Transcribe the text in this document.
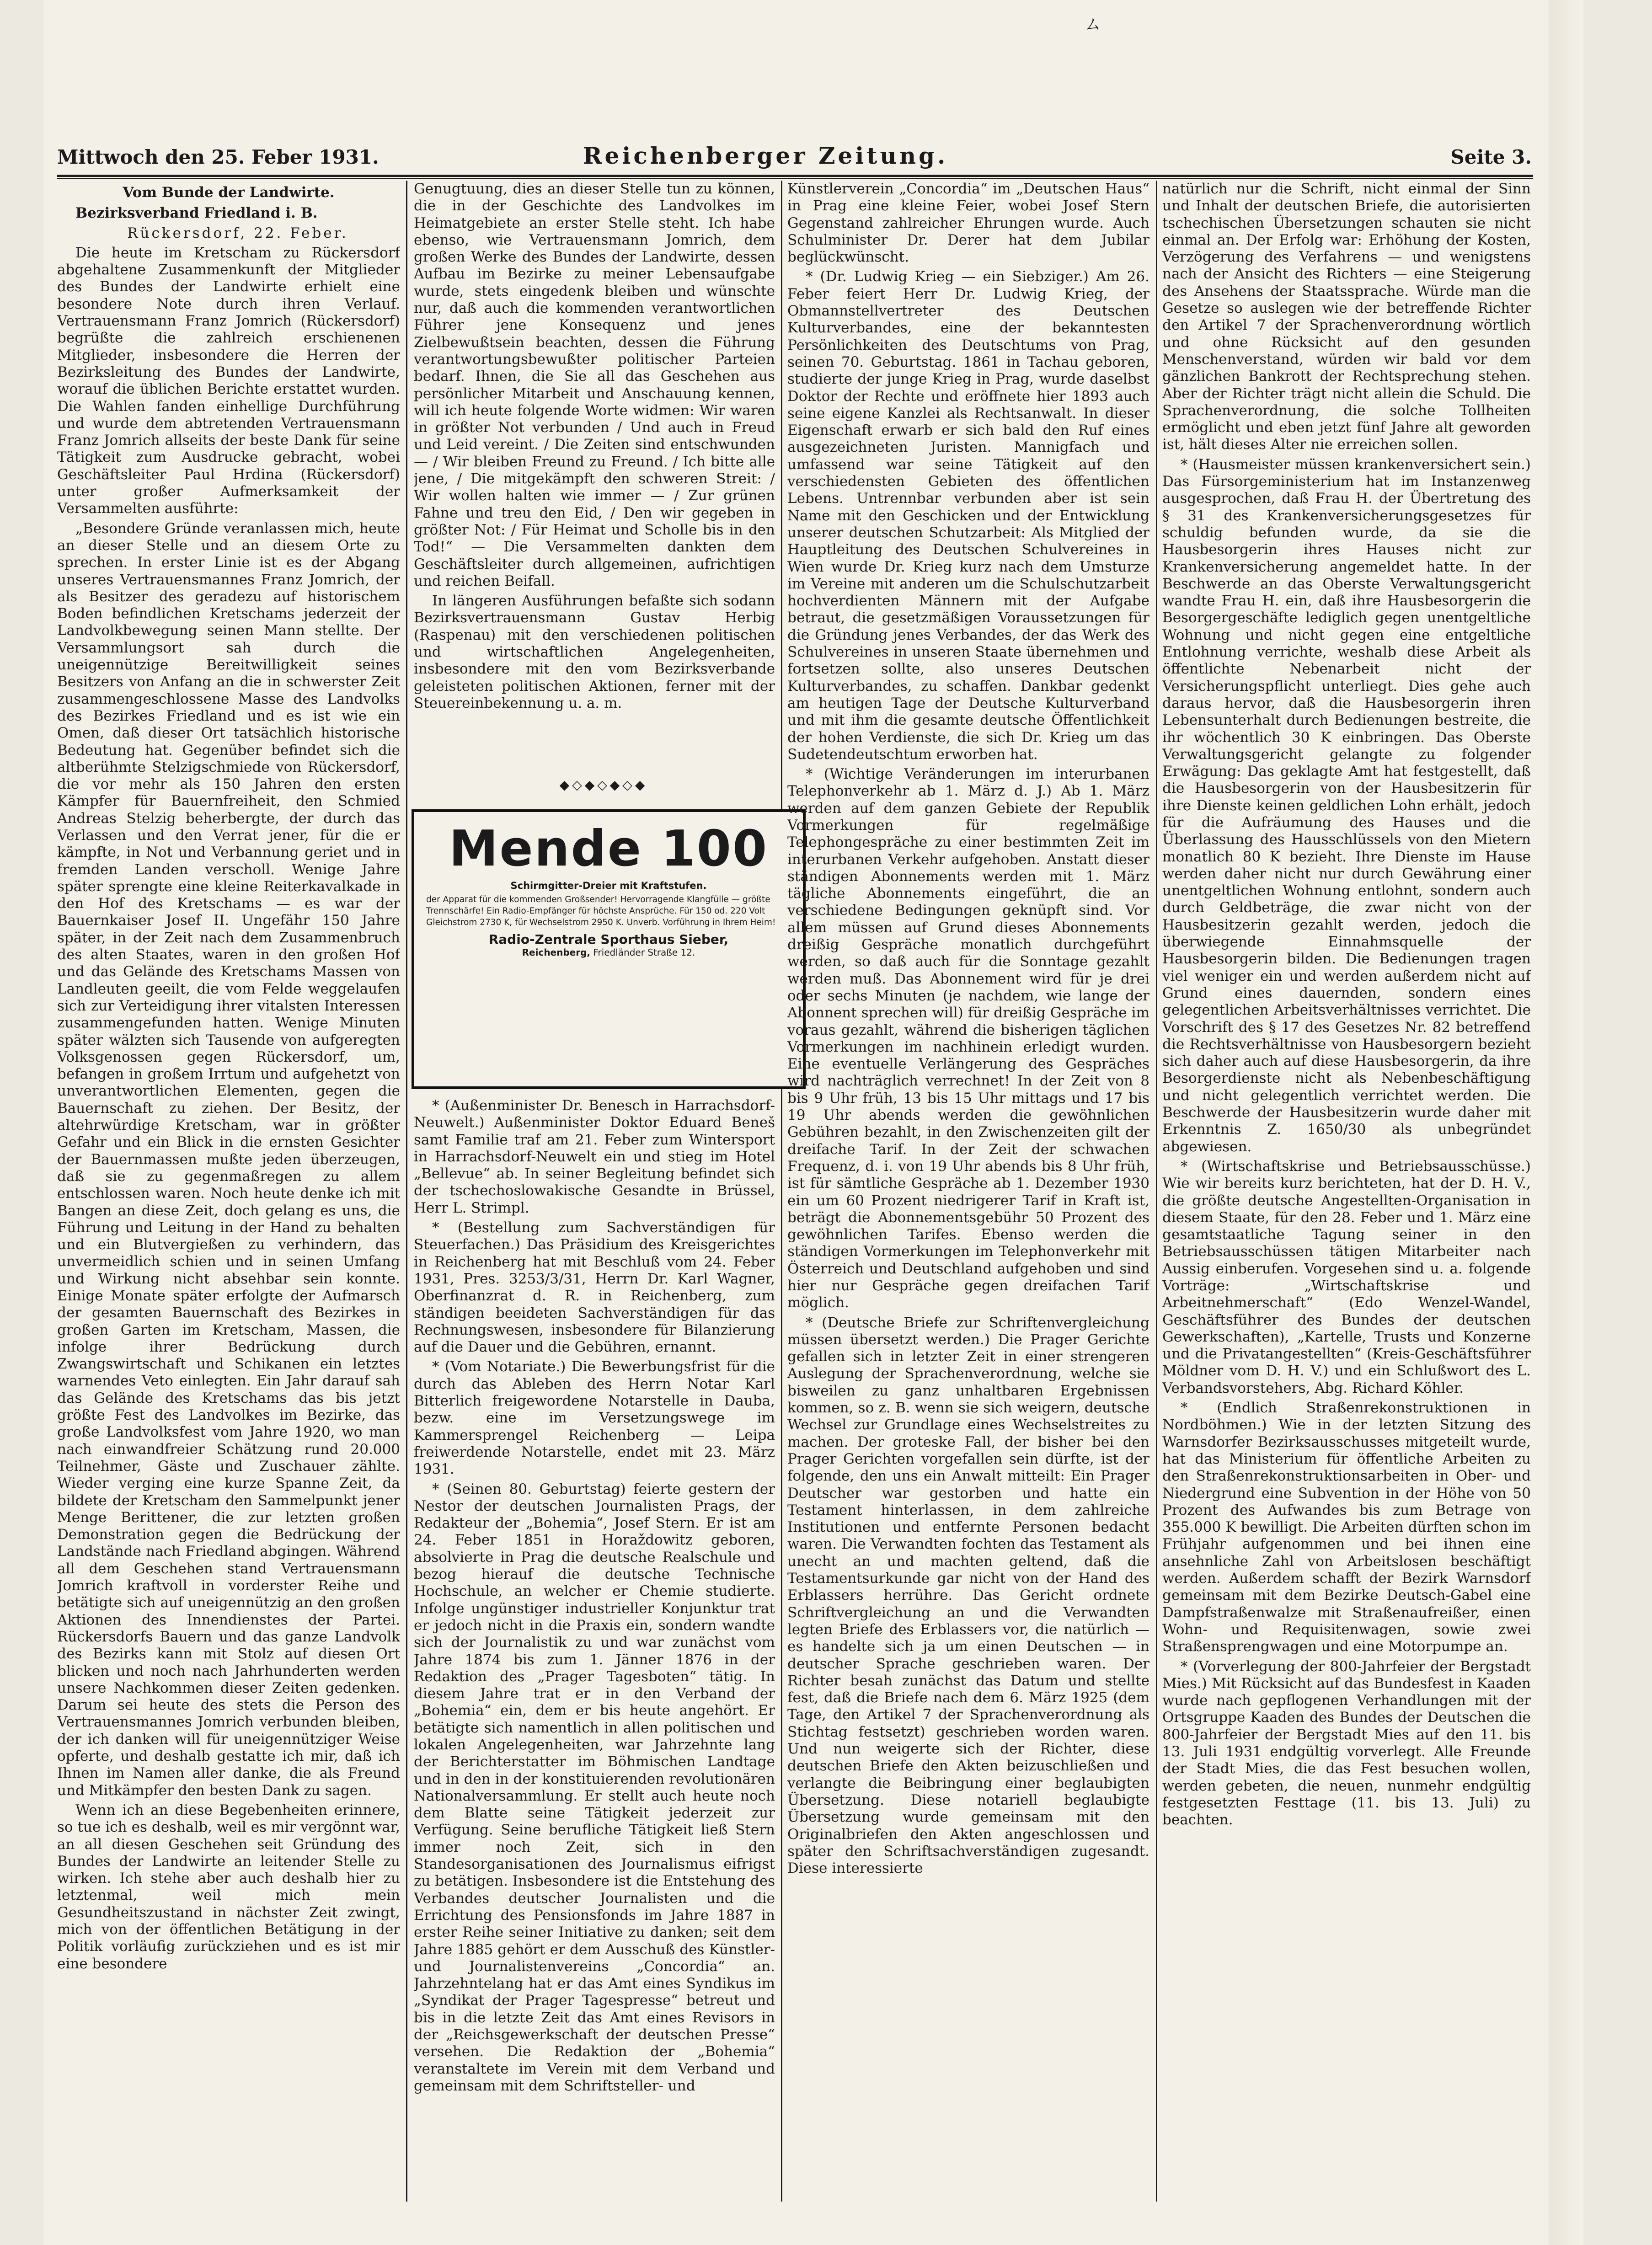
ㄙ
Mittwoch den 25. Feber 1931.	Reichenberger Zeitung.	Seite 3.

Vom Bunde der Landwirte.

Bezirksverband Friedland i. B.

Rückersdorf, 22. Feber.

Die heute im Kretscham zu Rückersdorf abgehaltene Zusammenkunft der Mitglieder des Bundes der Landwirte erhielt eine besondere Note durch ihren Verlauf. Vertrauensmann Franz Jomrich (Rückersdorf) begrüßte die zahlreich erschienenen Mitglieder, insbesondere die Herren der Bezirksleitung des Bundes der Landwirte, worauf die üblichen Berichte erstattet wurden. Die Wahlen fanden einhellige Durchführung und wurde dem abtretenden Vertrauensmann Franz Jomrich allseits der beste Dank für seine Tätigkeit zum Ausdrucke gebracht, wobei Geschäftsleiter Paul Hrdina (Rückersdorf) unter großer Aufmerksamkeit der Versammelten ausführte:

„Besondere Gründe veranlassen mich, heute an dieser Stelle und an diesem Orte zu sprechen. In erster Linie ist es der Abgang unseres Vertrauensmannes Franz Jomrich, der als Besitzer des geradezu auf historischem Boden befindlichen Kretschams jederzeit der Landvolkbewegung seinen Mann stellte. Der Versammlungsort sah durch die uneigennützige Bereitwilligkeit seines Besitzers von Anfang an die in schwerster Zeit zusammengeschlossene Masse des Landvolks des Bezirkes Friedland und es ist wie ein Omen, daß dieser Ort tatsächlich historische Bedeutung hat. Gegenüber befindet sich die altberühmte Stelzigschmiede von Rückersdorf, die vor mehr als 150 Jahren den ersten Kämpfer für Bauernfreiheit, den Schmied Andreas Stelzig beherbergte, der durch das Verlassen und den Verrat jener, für die er kämpfte, in Not und Verbannung geriet und in fremden Landen verscholl. Wenige Jahre später sprengte eine kleine Reiterkavalkade in den Hof des Kretschams — es war der Bauernkaiser Josef II. Ungefähr 150 Jahre später, in der Zeit nach dem Zusammenbruch des alten Staates, waren in den großen Hof und das Gelände des Kretschams Massen von Landleuten geeilt, die vom Felde weggelaufen sich zur Verteidigung ihrer vitalsten Interessen zusammengefunden hatten. Wenige Minuten später wälzten sich Tausende von aufgeregten Volksgenossen gegen Rückersdorf, um, befangen in großem Irrtum und aufgehetzt von unverantwortlichen Elementen, gegen die Bauernschaft zu ziehen. Der Besitz, der altehrwürdige Kretscham, war in größter Gefahr und ein Blick in die ernsten Gesichter der Bauernmassen mußte jeden überzeugen, daß sie zu gegenmaßregen zu allem entschlossen waren. Noch heute denke ich mit Bangen an diese Zeit, doch gelang es uns, die Führung und Leitung in der Hand zu behalten und ein Blutvergießen zu verhindern, das unvermeidlich schien und in seinen Umfang und Wirkung nicht absehbar sein konnte. Einige Monate später erfolgte der Aufmarsch der gesamten Bauernschaft des Bezirkes in großen Garten im Kretscham, Massen, die infolge ihrer Bedrückung durch Zwangswirtschaft und Schikanen ein letztes warnendes Veto einlegten. Ein Jahr darauf sah das Gelände des Kretschams das bis jetzt größte Fest des Landvolkes im Bezirke, das große Landvolksfest vom Jahre 1920, wo man nach einwandfreier Schätzung rund 20.000 Teilnehmer, Gäste und Zuschauer zählte. Wieder verging eine kurze Spanne Zeit, da bildete der Kretscham den Sammelpunkt jener Menge Berittener, die zur letzten großen Demonstration gegen die Bedrückung der Landstände nach Friedland abgingen. Während all dem Geschehen stand Vertrauensmann Jomrich kraftvoll in vorderster Reihe und betätigte sich auf uneigennützig an den großen Aktionen des Innendienstes der Partei. Rückersdorfs Bauern und das ganze Landvolk des Bezirks kann mit Stolz auf diesen Ort blicken und noch nach Jahrhunderten werden unsere Nachkommen dieser Zeiten gedenken. Darum sei heute des stets die Person des Vertrauensmannes Jomrich verbunden bleiben, der ich danken will für uneigennütziger Weise opferte, und deshalb gestatte ich mir, daß ich Ihnen im Namen aller danke, die als Freund und Mitkämpfer den besten Dank zu sagen.

Wenn ich an diese Begebenheiten erinnere, so tue ich es deshalb, weil es mir vergönnt war, an all diesen Geschehen seit Gründung des Bundes der Landwirte an leitender Stelle zu wirken. Ich stehe aber auch deshalb hier zu letztenmal, weil mich mein Gesundheitszustand in nächster Zeit zwingt, mich von der öffentlichen Betätigung in der Politik vorläufig zurückziehen und es ist mir eine besondere

Genugtuung, dies an dieser Stelle tun zu können, die in der Geschichte des Landvolkes im Heimatgebiete an erster Stelle steht. Ich habe ebenso, wie Vertrauensmann Jomrich, dem großen Werke des Bundes der Landwirte, dessen Aufbau im Bezirke zu meiner Lebensaufgabe wurde, stets eingedenk bleiben und wünschte nur, daß auch die kommenden verantwortlichen Führer jene Konsequenz und jenes Zielbewußtsein beachten, dessen die Führung verantwortungsbewußter politischer Parteien bedarf. Ihnen, die Sie all das Geschehen aus persönlicher Mitarbeit und Anschauung kennen, will ich heute folgende Worte widmen: Wir waren in größter Not verbunden / Und auch in Freud und Leid vereint. / Die Zeiten sind entschwunden — / Wir bleiben Freund zu Freund. / Ich bitte alle jene, / Die mitgekämpft den schweren Streit: / Wir wollen halten wie immer — / Zur grünen Fahne und treu den Eid, / Den wir gegeben in größter Not: / Für Heimat und Scholle bis in den Tod!“ — Die Versammelten dankten dem Geschäftsleiter durch allgemeinen, aufrichtigen und reichen Beifall.

In längeren Ausführungen befaßte sich sodann Bezirksvertrauensmann Gustav Herbig (Raspenau) mit den verschiedenen politischen und wirtschaftlichen Angelegenheiten, insbesondere mit den vom Bezirksverbande geleisteten politischen Aktionen, ferner mit der Steuereinbekennung u. a. m.

◆◇◆◇◆◇◆
Mende 100
Schirmgitter-Dreier mit Kraftstufen.
der Apparat für die kommenden Großsender! Hervorragende Klangfülle — größte Trennschärfe! Ein Radio-Empfänger für höchste Ansprüche. Für 150 od. 220 Volt Gleichstrom 2730 K, für Wechselstrom 2950 K. Unverb. Vorführung in Ihrem Heim!
Radio-Zentrale Sporthaus Sieber,
Reichenberg, Friedländer Straße 12.

* (Außenminister Dr. Benesch in Harrachsdorf-Neuwelt.) Außenminister Doktor Eduard Beneš samt Familie traf am 21. Feber zum Wintersport in Harrachsdorf-Neuwelt ein und stieg im Hotel „Bellevue“ ab. In seiner Begleitung befindet sich der tschechoslowakische Gesandte in Brüssel, Herr L. Strimpl.

* (Bestellung zum Sachverständigen für Steuerfachen.) Das Präsidium des Kreisgerichtes in Reichenberg hat mit Beschluß vom 24. Feber 1931, Pres. 3253/3/31, Herrn Dr. Karl Wagner, Oberfinanzrat d. R. in Reichenberg, zum ständigen beeideten Sachverständigen für das Rechnungswesen, insbesondere für Bilanzierung auf die Dauer und die Gebühren, ernannt.

* (Vom Notariate.) Die Bewerbungsfrist für die durch das Ableben des Herrn Notar Karl Bitterlich freigewordene Notarstelle in Dauba, bezw. eine im Versetzungswege im Kammersprengel Reichenberg — Leipa freiwerdende Notarstelle, endet mit 23. März 1931.

* (Seinen 80. Geburtstag) feierte gestern der Nestor der deutschen Journalisten Prags, der Redakteur der „Bohemia“, Josef Stern. Er ist am 24. Feber 1851 in Horaždowitz geboren, absolvierte in Prag die deutsche Realschule und bezog hierauf die deutsche Technische Hochschule, an welcher er Chemie studierte. Infolge ungünstiger industrieller Konjunktur trat er jedoch nicht in die Praxis ein, sondern wandte sich der Journalistik zu und war zunächst vom Jahre 1874 bis zum 1. Jänner 1876 in der Redaktion des „Prager Tagesboten“ tätig. In diesem Jahre trat er in den Verband der „Bohemia“ ein, dem er bis heute angehört. Er betätigte sich namentlich in allen politischen und lokalen Angelegenheiten, war Jahrzehnte lang der Berichterstatter im Böhmischen Landtage und in den in der konstituierenden revolutionären Nationalversammlung. Er stellt auch heute noch dem Blatte seine Tätigkeit jederzeit zur Verfügung. Seine berufliche Tätigkeit ließ Stern immer noch Zeit, sich in den Standesorganisationen des Journalismus eifrigst zu betätigen. Insbesondere ist die Entstehung des Verbandes deutscher Journalisten und die Errichtung des Pensionsfonds im Jahre 1887 in erster Reihe seiner Initiative zu danken; seit dem Jahre 1885 gehört er dem Ausschuß des Künstler- und Journalistenvereins „Concordia“ an. Jahrzehntelang hat er das Amt eines Syndikus im „Syndikat der Prager Tagespresse“ betreut und bis in die letzte Zeit das Amt eines Revisors in der „Reichsgewerkschaft der deutschen Presse“ versehen. Die Redaktion der „Bohemia“ veranstaltete im Verein mit dem Verband und gemeinsam mit dem Schriftsteller- und

Künstlerverein „Concordia“ im „Deutschen Haus“ in Prag eine kleine Feier, wobei Josef Stern Gegenstand zahlreicher Ehrungen wurde. Auch Schulminister Dr. Derer hat dem Jubilar beglückwünscht.

* (Dr. Ludwig Krieg — ein Siebziger.) Am 26. Feber feiert Herr Dr. Ludwig Krieg, der Obmannstellvertreter des Deutschen Kulturverbandes, eine der bekanntesten Persönlichkeiten des Deutschtums von Prag, seinen 70. Geburtstag. 1861 in Tachau geboren, studierte der junge Krieg in Prag, wurde daselbst Doktor der Rechte und eröffnete hier 1893 auch seine eigene Kanzlei als Rechtsanwalt. In dieser Eigenschaft erwarb er sich bald den Ruf eines ausgezeichneten Juristen. Mannigfach und umfassend war seine Tätigkeit auf den verschiedensten Gebieten des öffentlichen Lebens. Untrennbar verbunden aber ist sein Name mit den Geschicken und der Entwicklung unserer deutschen Schutzarbeit: Als Mitglied der Hauptleitung des Deutschen Schulvereines in Wien wurde Dr. Krieg kurz nach dem Umsturze im Vereine mit anderen um die Schulschutzarbeit hochverdienten Männern mit der Aufgabe betraut, die gesetzmäßigen Voraussetzungen für die Gründung jenes Verbandes, der das Werk des Schulvereines in unseren Staate übernehmen und fortsetzen sollte, also unseres Deutschen Kulturverbandes, zu schaffen. Dankbar gedenkt am heutigen Tage der Deutsche Kulturverband und mit ihm die gesamte deutsche Öffentlichkeit der hohen Verdienste, die sich Dr. Krieg um das Sudetendeutschtum erworben hat.

* (Wichtige Veränderungen im interurbanen Telephonverkehr ab 1. März d. J.) Ab 1. März werden auf dem ganzen Gebiete der Republik Vormerkungen für regelmäßige Telephongespräche zu einer bestimmten Zeit im interurbanen Verkehr aufgehoben. Anstatt dieser ständigen Abonnements werden mit 1. März tägliche Abonnements eingeführt, die an verschiedene Bedingungen geknüpft sind. Vor allem müssen auf Grund dieses Abonnements dreißig Gespräche monatlich durchgeführt werden, so daß auch für die Sonntage gezahlt werden muß. Das Abonnement wird für je drei oder sechs Minuten (je nachdem, wie lange der Abonnent sprechen will) für dreißig Gespräche im voraus gezahlt, während die bisherigen täglichen Vormerkungen im nachhinein erledigt wurden. Eine eventuelle Verlängerung des Gespräches wird nachträglich verrechnet! In der Zeit von 8 bis 9 Uhr früh, 13 bis 15 Uhr mittags und 17 bis 19 Uhr abends werden die gewöhnlichen Gebühren bezahlt, in den Zwischenzeiten gilt der dreifache Tarif. In der Zeit der schwachen Frequenz, d. i. von 19 Uhr abends bis 8 Uhr früh, ist für sämtliche Gespräche ab 1. Dezember 1930 ein um 60 Prozent niedrigerer Tarif in Kraft ist, beträgt die Abonnementsgebühr 50 Prozent des gewöhnlichen Tarifes. Ebenso werden die ständigen Vormerkungen im Telephonverkehr mit Österreich und Deutschland aufgehoben und sind hier nur Gespräche gegen dreifachen Tarif möglich.

* (Deutsche Briefe zur Schriftenvergleichung müssen übersetzt werden.) Die Prager Gerichte gefallen sich in letzter Zeit in einer strengeren Auslegung der Sprachenverordnung, welche sie bisweilen zu ganz unhaltbaren Ergebnissen kommen, so z. B. wenn sie sich weigern, deutsche Wechsel zur Grundlage eines Wechselstreites zu machen. Der groteske Fall, der bisher bei den Prager Gerichten vorgefallen sein dürfte, ist der folgende, den uns ein Anwalt mitteilt: Ein Prager Deutscher war gestorben und hatte ein Testament hinterlassen, in dem zahlreiche Institutionen und entfernte Personen bedacht waren. Die Verwandten fochten das Testament als unecht an und machten geltend, daß die Testamentsurkunde gar nicht von der Hand des Erblassers herrühre. Das Gericht ordnete Schriftvergleichung an und die Verwandten legten Briefe des Erblassers vor, die natürlich — es handelte sich ja um einen Deutschen — in deutscher Sprache geschrieben waren. Der Richter besah zunächst das Datum und stellte fest, daß die Briefe nach dem 6. März 1925 (dem Tage, den Artikel 7 der Sprachenverordnung als Stichtag festsetzt) geschrieben worden waren. Und nun weigerte sich der Richter, diese deutschen Briefe den Akten beizuschließen und verlangte die Beibringung einer beglaubigten Übersetzung. Diese notariell beglaubigte Übersetzung wurde gemeinsam mit den Originalbriefen den Akten angeschlossen und später den Schriftsachverständigen zugesandt. Diese interessierte

natürlich nur die Schrift, nicht einmal der Sinn und Inhalt der deutschen Briefe, die autorisierten tschechischen Übersetzungen schauten sie nicht einmal an. Der Erfolg war: Erhöhung der Kosten, Verzögerung des Verfahrens — und wenigstens nach der Ansicht des Richters — eine Steigerung des Ansehens der Staatssprache. Würde man die Gesetze so auslegen wie der betreffende Richter den Artikel 7 der Sprachenverordnung wörtlich und ohne Rücksicht auf den gesunden Menschenverstand, würden wir bald vor dem gänzlichen Bankrott der Rechtsprechung stehen. Aber der Richter trägt nicht allein die Schuld. Die Sprachenverordnung, die solche Tollheiten ermöglicht und eben jetzt fünf Jahre alt geworden ist, hält dieses Alter nie erreichen sollen.

* (Hausmeister müssen krankenversichert sein.) Das Fürsorgeministerium hat im Instanzenweg ausgesprochen, daß Frau H. der Übertretung des § 31 des Krankenversicherungsgesetzes für schuldig befunden wurde, da sie die Hausbesorgerin ihres Hauses nicht zur Krankenversicherung angemeldet hatte. In der Beschwerde an das Oberste Verwaltungsgericht wandte Frau H. ein, daß ihre Hausbesorgerin die Besorgergeschäfte lediglich gegen unentgeltliche Wohnung und nicht gegen eine entgeltliche Entlohnung verrichte, weshalb diese Arbeit als öffentlichte Nebenarbeit nicht der Versicherungspflicht unterliegt. Dies gehe auch daraus hervor, daß die Hausbesorgerin ihren Lebensunterhalt durch Bedienungen bestreite, die ihr wöchentlich 30 K einbringen. Das Oberste Verwaltungsgericht gelangte zu folgender Erwägung: Das geklagte Amt hat festgestellt, daß die Hausbesorgerin von der Hausbesitzerin für ihre Dienste keinen geldlichen Lohn erhält, jedoch für die Aufräumung des Hauses und die Überlassung des Hausschlüssels von den Mietern monatlich 80 K bezieht. Ihre Dienste im Hause werden daher nicht nur durch Gewährung einer unentgeltlichen Wohnung entlohnt, sondern auch durch Geldbeträge, die zwar nicht von der Hausbesitzerin gezahlt werden, jedoch die überwiegende Einnahmsquelle der Hausbesorgerin bilden. Die Bedienungen tragen viel weniger ein und werden außerdem nicht auf Grund eines dauernden, sondern eines gelegentlichen Arbeitsverhältnisses verrichtet. Die Vorschrift des § 17 des Gesetzes Nr. 82 betreffend die Rechtsverhältnisse von Hausbesorgern bezieht sich daher auch auf diese Hausbesorgerin, da ihre Besorgerdienste nicht als Nebenbeschäftigung und nicht gelegentlich verrichtet werden. Die Beschwerde der Hausbesitzerin wurde daher mit Erkenntnis Z. 1650/30 als unbegründet abgewiesen.

* (Wirtschaftskrise und Betriebsausschüsse.) Wie wir bereits kurz berichteten, hat der D. H. V., die größte deutsche Angestellten-Organisation in diesem Staate, für den 28. Feber und 1. März eine gesamtstaatliche Tagung seiner in den Betriebsausschüssen tätigen Mitarbeiter nach Aussig einberufen. Vorgesehen sind u. a. folgende Vorträge: „Wirtschaftskrise und Arbeitnehmerschaft“ (Edo Wenzel-Wandel, Geschäftsführer des Bundes der deutschen Gewerkschaften), „Kartelle, Trusts und Konzerne und die Privatangestellten“ (Kreis-Geschäftsführer Möldner vom D. H. V.) und ein Schlußwort des L. Verbandsvorstehers, Abg. Richard Köhler.

* (Endlich Straßenrekonstruktionen in Nordböhmen.) Wie in der letzten Sitzung des Warnsdorfer Bezirksausschusses mitgeteilt wurde, hat das Ministerium für öffentliche Arbeiten zu den Straßenrekonstruktionsarbeiten in Ober- und Niedergrund eine Subvention in der Höhe von 50 Prozent des Aufwandes bis zum Betrage von 355.000 K bewilligt. Die Arbeiten dürften schon im Frühjahr aufgenommen und bei ihnen eine ansehnliche Zahl von Arbeitslosen beschäftigt werden. Außerdem schafft der Bezirk Warnsdorf gemeinsam mit dem Bezirke Deutsch-Gabel eine Dampfstraßenwalze mit Straßenaufreißer, einen Wohn- und Requisitenwagen, sowie zwei Straßensprengwagen und eine Motorpumpe an.

* (Vorverlegung der 800-Jahrfeier der Bergstadt Mies.) Mit Rücksicht auf das Bundesfest in Kaaden wurde nach gepflogenen Verhandlungen mit der Ortsgruppe Kaaden des Bundes der Deutschen die 800-Jahrfeier der Bergstadt Mies auf den 11. bis 13. Juli 1931 endgültig vorverlegt. Alle Freunde der Stadt Mies, die das Fest besuchen wollen, werden gebeten, die neuen, nunmehr endgültig festgesetzten Festtage (11. bis 13. Juli) zu beachten.
